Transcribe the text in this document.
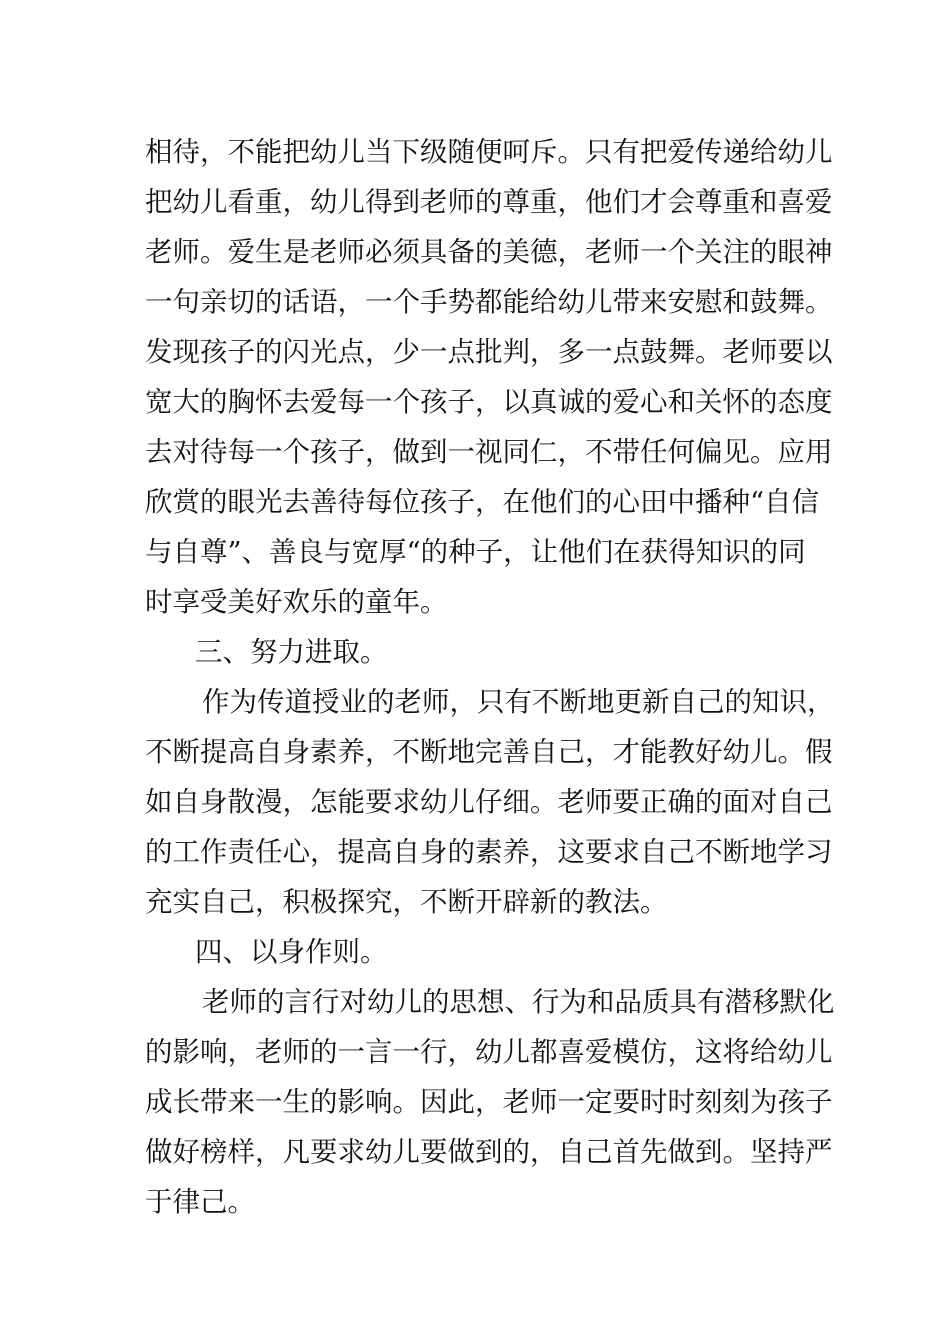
相待，不能把幼儿当下级随便呵斥。只有把爱传递给幼儿
把幼儿看重，幼儿得到老师的尊重，他们才会尊重和喜爱
老师。爱生是老师必须具备的美德，老师一个关注的眼神
一句亲切的话语，一个手势都能给幼儿带来安慰和鼓舞。
发现孩子的闪光点，少一点批判，多一点鼓舞。老师要以
宽大的胸怀去爱每一个孩子，以真诚的爱心和关怀的态度
去对待每一个孩子，做到一视同仁，不带任何偏见。应用
欣赏的眼光去善待每位孩子，在他们的心田中播种“自信
与自尊”、善良与宽厚“的种子，让他们在获得知识的同
时享受美好欢乐的童年。
三、努力进取。
作为传道授业的老师，只有不断地更新自己的知识，
不断提高自身素养，不断地完善自己，才能教好幼儿。假
如自身散漫，怎能要求幼儿仔细。老师要正确的面对自己
的工作责任心，提高自身的素养，这要求自己不断地学习
充实自己，积极探究，不断开辟新的教法。
四、以身作则。
老师的言行对幼儿的思想、行为和品质具有潜移默化
的影响，老师的一言一行，幼儿都喜爱模仿，这将给幼儿
成长带来一生的影响。因此，老师一定要时时刻刻为孩子
做好榜样，凡要求幼儿要做到的，自己首先做到。坚持严
于律己。
